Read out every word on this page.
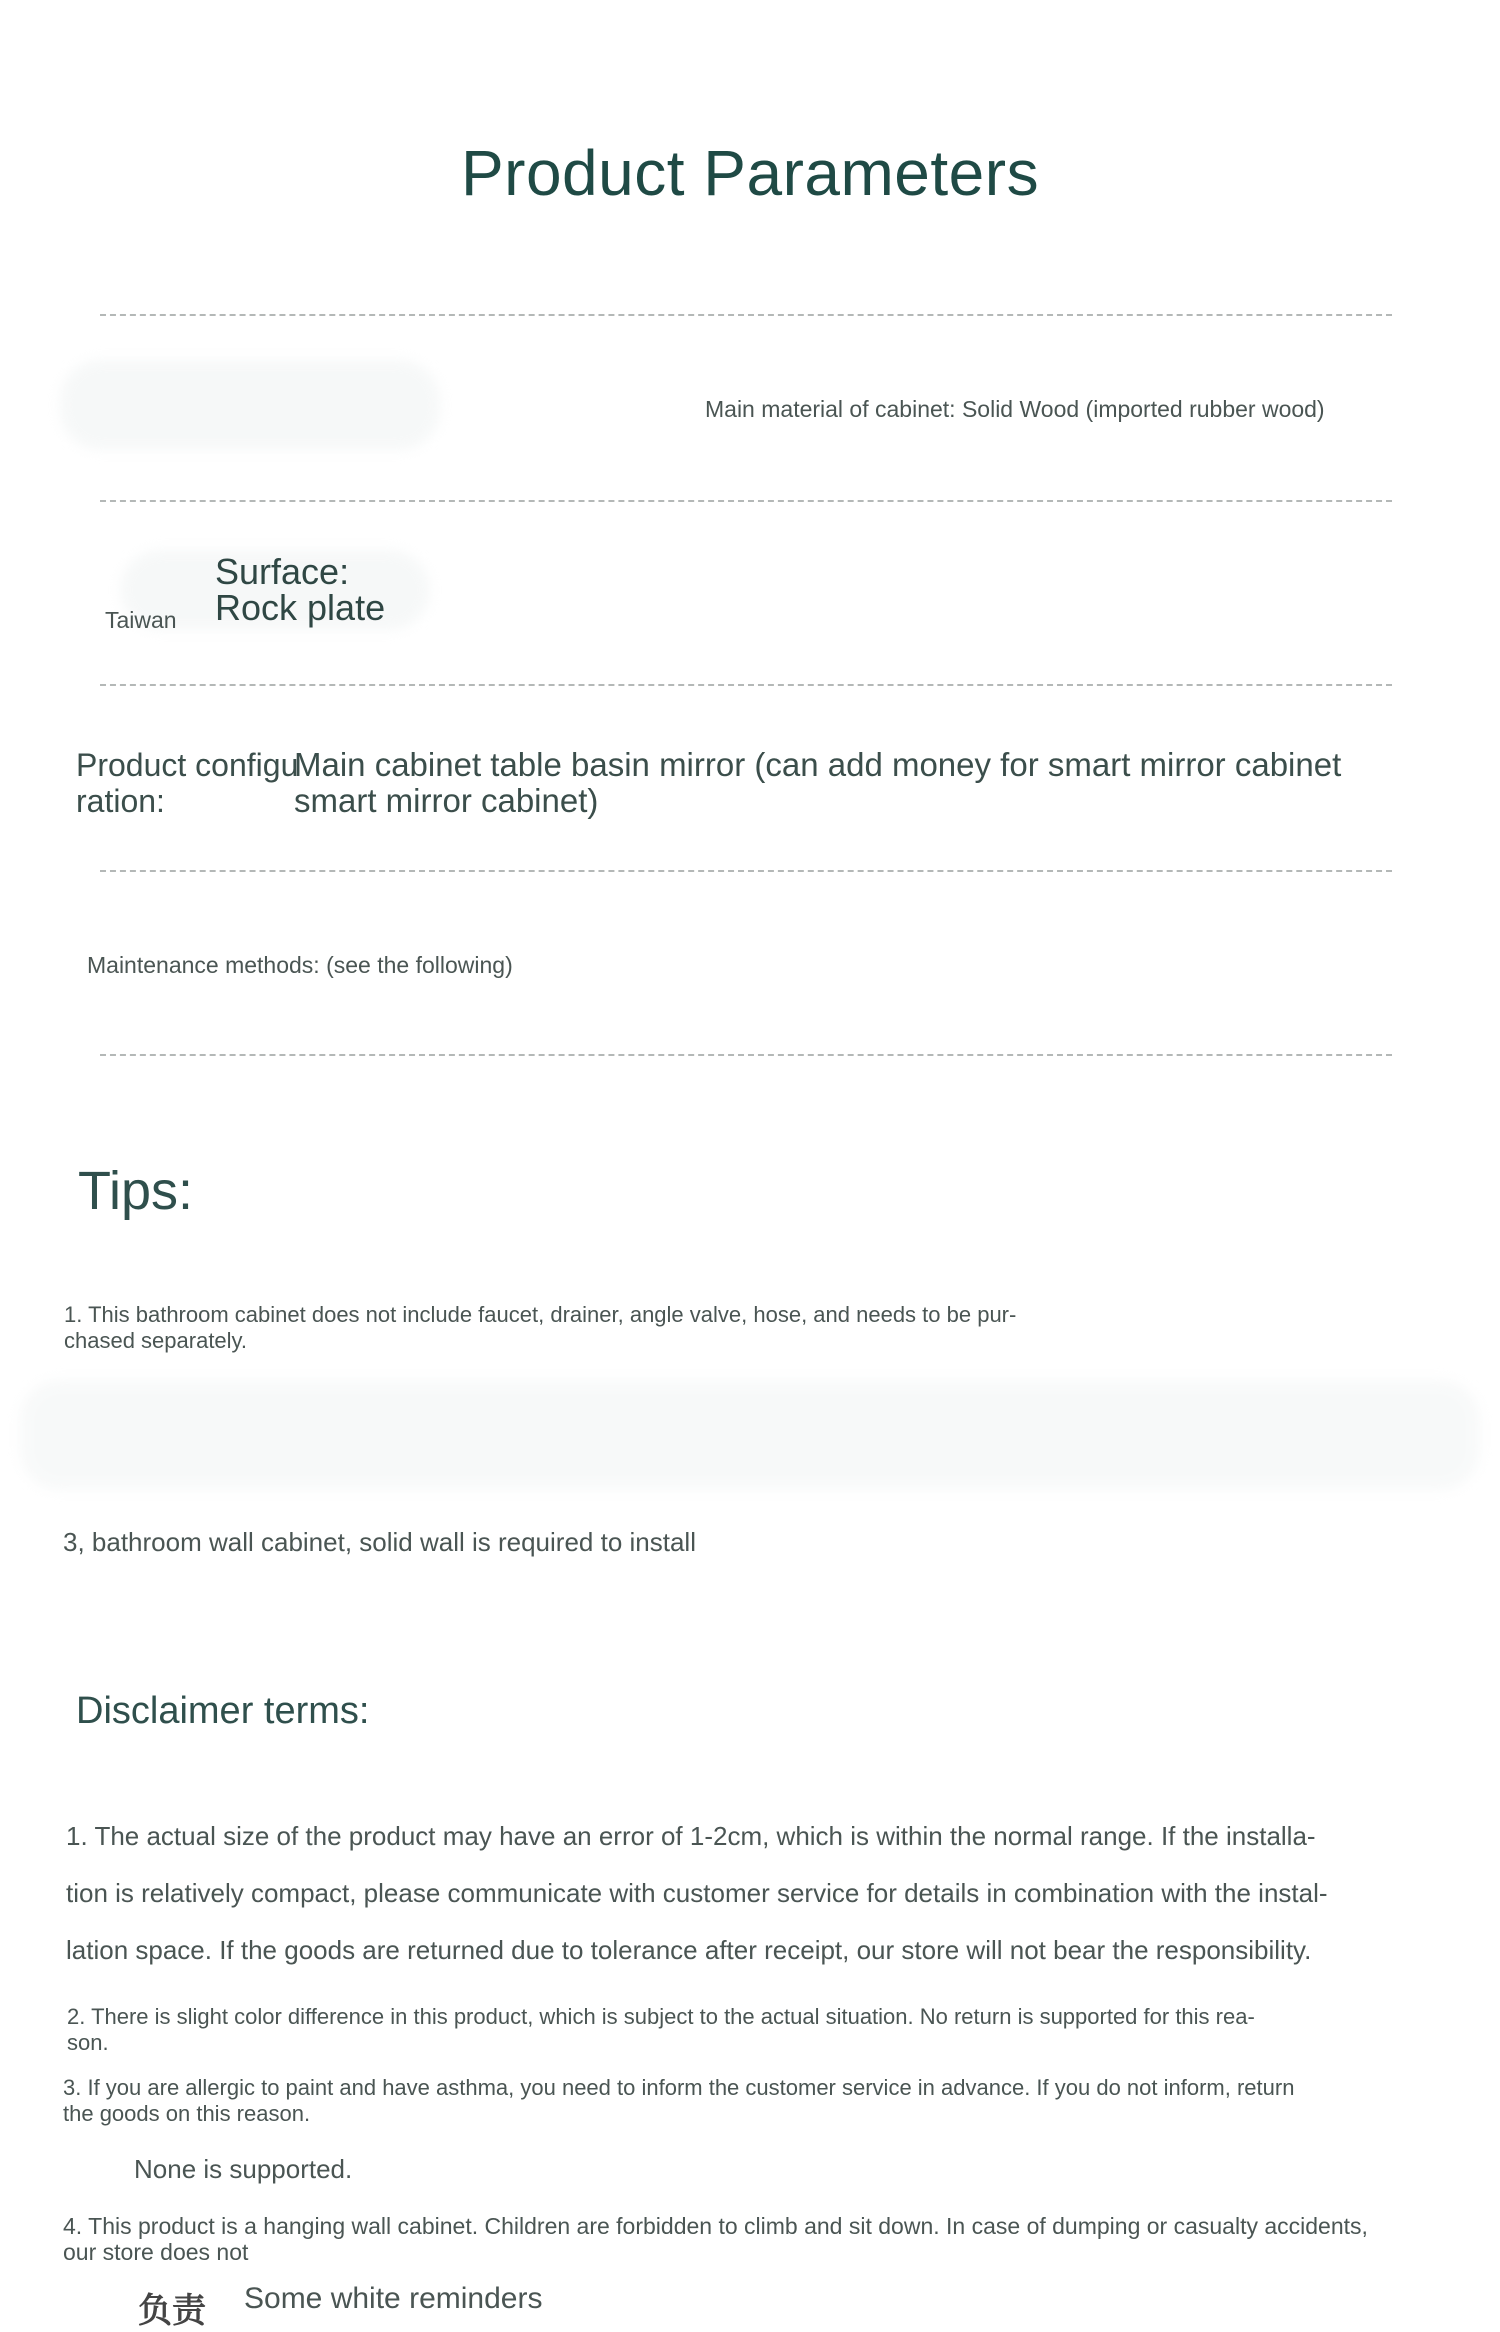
Product Parameters

Main material of cabinet: Solid Wood (imported rubber wood)

Taiwan

Surface:
Rock plate
Product configu
ration:
Main cabinet table basin mirror (can add money for smart mirror cabinet
smart mirror cabinet)

Maintenance methods: (see the following)

Tips:
1. This bathroom cabinet does not include faucet, drainer, angle valve, hose, and needs to be pur-
chased separately.

3, bathroom wall cabinet, solid wall is required to install

Disclaimer terms:
1. The actual size of the product may have an error of 1-2cm, which is within the normal range. If the installa-
tion is relatively compact, please communicate with customer service for details in combination with the instal-
lation space. If the goods are returned due to tolerance after receipt, our store will not bear the responsibility.
2. There is slight color difference in this product, which is subject to the actual situation. No return is supported for this rea-
son.
3. If you are allergic to paint and have asthma, you need to inform the customer service in advance. If you do not inform, return
the goods on this reason.

None is supported.

4. This product is a hanging wall cabinet. Children are forbidden to climb and sit down. In case of dumping or casualty accidents,
our store does not
负责 Some white reminders
